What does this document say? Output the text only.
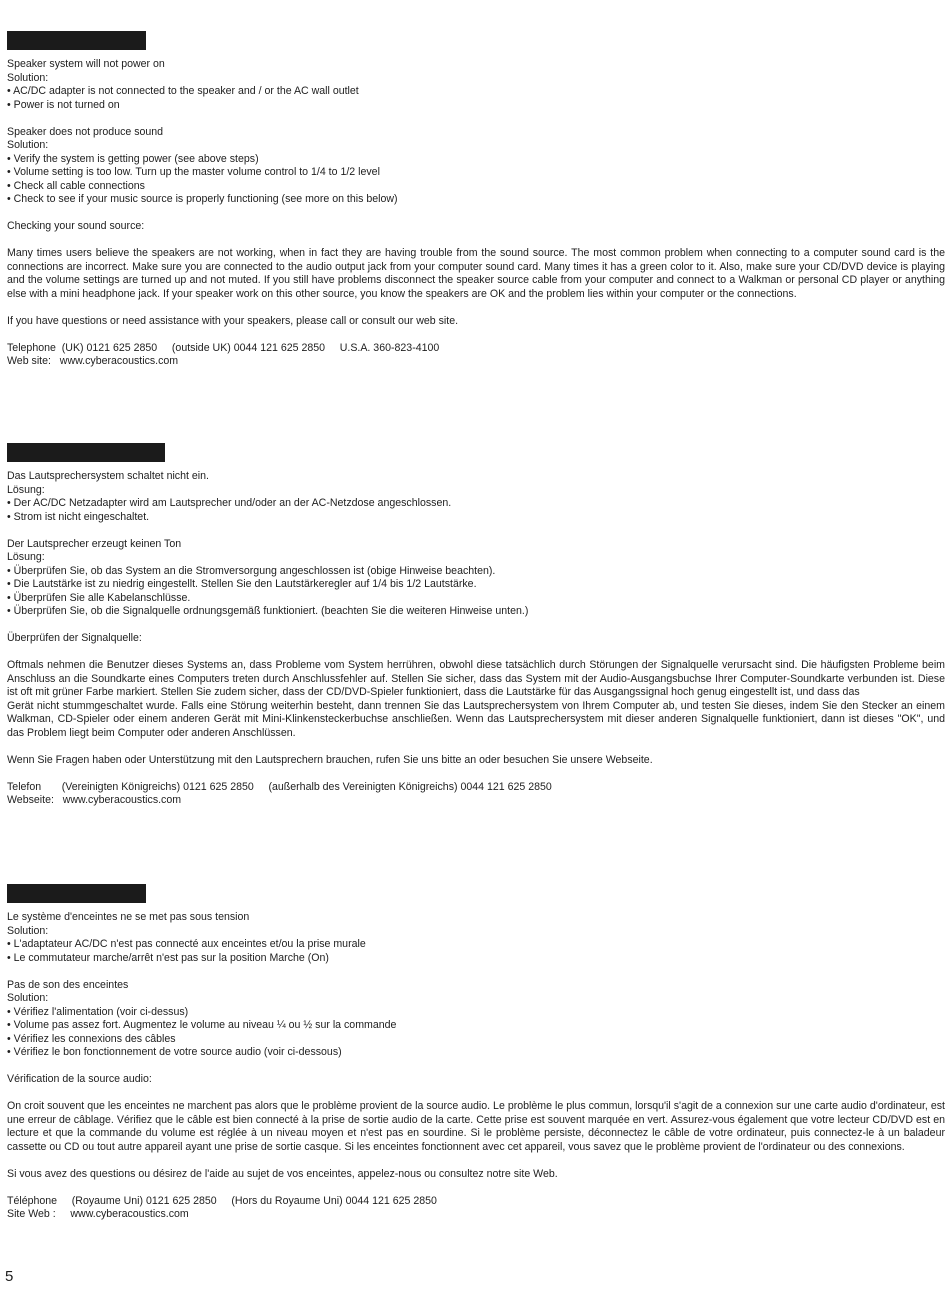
Speaker system will not power on
Solution:
• AC/DC adapter is not connected to the speaker and / or the AC wall outlet
• Power is not turned on
Speaker does not produce sound
Solution:
• Verify the system is getting power (see above steps)
• Volume setting is too low. Turn up the master volume control to 1/4 to 1/2 level
• Check all cable connections
• Check to see if your music source is properly functioning (see more on this below)
Checking your sound source:
Many times users believe the speakers are not working, when in fact they are having trouble from the sound source. The most common problem when connecting to a computer sound card is the connections are incorrect. Make sure you are connected to the audio output jack from your computer sound card. Many times it has a green color to it. Also, make sure your CD/DVD device is playing and the volume settings are turned up and not muted. If you still have problems disconnect the speaker source cable from your computer and connect to a Walkman or personal CD player or anything else with a mini headphone jack. If your speaker work on this other source, you know the speakers are OK and the problem lies within your computer or the connections.
If you have questions or need assistance with your speakers, please call or consult our web site.
Telephone  (UK) 0121 625 2850     (outside UK) 0044 121 625 2850     U.S.A. 360-823-4100
Web site:   www.cyberacoustics.com
Das Lautsprechersystem schaltet nicht ein.
Lösung:
• Der AC/DC Netzadapter wird am Lautsprecher und/oder an der AC-Netzdose angeschlossen.
• Strom ist nicht eingeschaltet.
Der Lautsprecher erzeugt keinen Ton
Lösung:
• Überprüfen Sie, ob das System an die Stromversorgung angeschlossen ist (obige Hinweise beachten).
• Die Lautstärke ist zu niedrig eingestellt. Stellen Sie den Lautstärkeregler auf 1/4 bis 1/2 Lautstärke.
• Überprüfen Sie alle Kabelanschlüsse.
• Überprüfen Sie, ob die Signalquelle ordnungsgemäß funktioniert. (beachten Sie die weiteren Hinweise unten.)
Überprüfen der Signalquelle:
Oftmals nehmen die Benutzer dieses Systems an, dass Probleme vom System herrühren, obwohl diese tatsächlich durch Störungen der Signalquelle verursacht sind. Die häufigsten Probleme beim Anschluss an die Soundkarte eines Computers treten durch Anschlussfehler auf. Stellen Sie sicher, dass das System mit der Audio-Ausgangsbuchse Ihrer Computer-Soundkarte verbunden ist. Diese ist oft mit grüner Farbe markiert. Stellen Sie zudem sicher, dass der CD/DVD-Spieler funktioniert, dass die Lautstärke für das Ausgangssignal hoch genug eingestellt ist, und dass das
Gerät nicht stummgeschaltet wurde. Falls eine Störung weiterhin besteht, dann trennen Sie das Lautsprechersystem von Ihrem Computer ab, und testen Sie dieses, indem Sie den Stecker an einem Walkman, CD-Spieler oder einem anderen Gerät mit Mini-Klinkensteckerbuchse anschließen. Wenn das Lautsprechersystem mit dieser anderen Signalquelle funktioniert, dann ist dieses "OK", und das Problem liegt beim Computer oder anderen Anschlüssen.
Wenn Sie Fragen haben oder Unterstützung mit den Lautsprechern brauchen, rufen Sie uns bitte an oder besuchen Sie unsere Webseite.
Telefon       (Vereinigten Königreichs) 0121 625 2850     (außerhalb des Vereinigten Königreichs) 0044 121 625 2850
Webseite:   www.cyberacoustics.com
Le système d'enceintes ne se met pas sous tension
Solution:
• L'adaptateur AC/DC n'est pas connecté aux enceintes et/ou la prise murale
• Le commutateur marche/arrêt n'est pas sur la position Marche (On)
Pas de son des enceintes
Solution:
• Vérifiez l'alimentation (voir ci-dessus)
• Volume pas assez fort. Augmentez le volume au niveau ¼ ou ½ sur la commande
• Vérifiez les connexions des câbles
• Vérifiez le bon fonctionnement de votre source audio (voir ci-dessous)
Vérification de la source audio:
On croit souvent que les enceintes ne marchent pas alors que le problème provient de la source audio. Le problème le plus commun, lorsqu'il s'agit de a connexion sur une carte audio d'ordinateur, est une erreur de câblage. Vérifiez que le câble est bien connecté à la prise de sortie audio de la carte. Cette prise est souvent marquée en vert. Assurez-vous également que votre lecteur CD/DVD est en lecture et que la commande du volume est réglée à un niveau moyen et n'est pas en sourdine. Si le problème persiste, déconnectez le câble de votre ordinateur, puis connectez-le à un baladeur cassette ou CD ou tout autre appareil ayant une prise de sortie casque. Si les enceintes fonctionnent avec cet appareil, vous savez que le problème provient de l'ordinateur ou des connexions.
Si vous avez des questions ou désirez de l'aide au sujet de vos enceintes, appelez-nous ou consultez notre site Web.
Téléphone     (Royaume Uni) 0121 625 2850     (Hors du Royaume Uni) 0044 121 625 2850
Site Web :     www.cyberacoustics.com
5
